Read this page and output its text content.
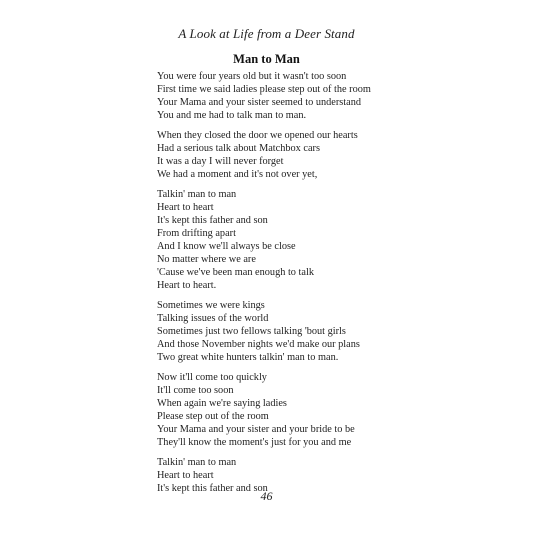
A Look at Life from a Deer Stand
Man to Man
You were four years old but it wasn't too soon
First time we said ladies please step out of the room
Your Mama and your sister seemed to understand
You and me had to talk man to man.
When they closed the door we opened our hearts
Had a serious talk about Matchbox cars
It was a day I will never forget
We had a moment and it's not over yet,
Talkin' man to man
Heart to heart
It's kept this father and son
From drifting apart
And I know we'll always be close
No matter where we are
'Cause we've been man enough to talk
Heart to heart.
Sometimes we were kings
Talking issues of the world
Sometimes just two fellows talking 'bout girls
And those November nights we'd make our plans
Two great white hunters talkin' man to man.
Now it'll come too quickly
It'll come too soon
When again we're saying ladies
Please step out of the room
Your Mama and your sister and your bride to be
They'll know the moment's just for you and me
Talkin' man to man
Heart to heart
It's kept this father and son
46
